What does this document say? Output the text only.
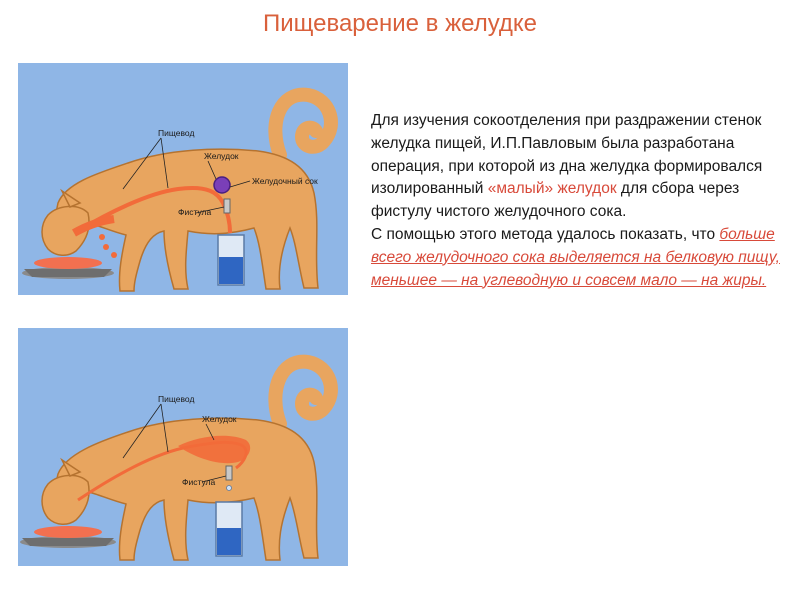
Пищеварение в желудке
Пищевод
Желудок
Желудочный сок
Фистула
Пищевод
Желудок
Фистула

Для изучения сокоотделения при раздражении стенок желудка пищей, И.П.Павловым была разработана операция, при которой из дна желудка формировался изолированный «малый» желудок для сбора через фистулу чистого желудочного сока.

С помощью этого метода удалось показать, что больше всего желудочного сока выделяется на белковую пищу, меньшее — на углеводную и совсем мало — на жиры.
